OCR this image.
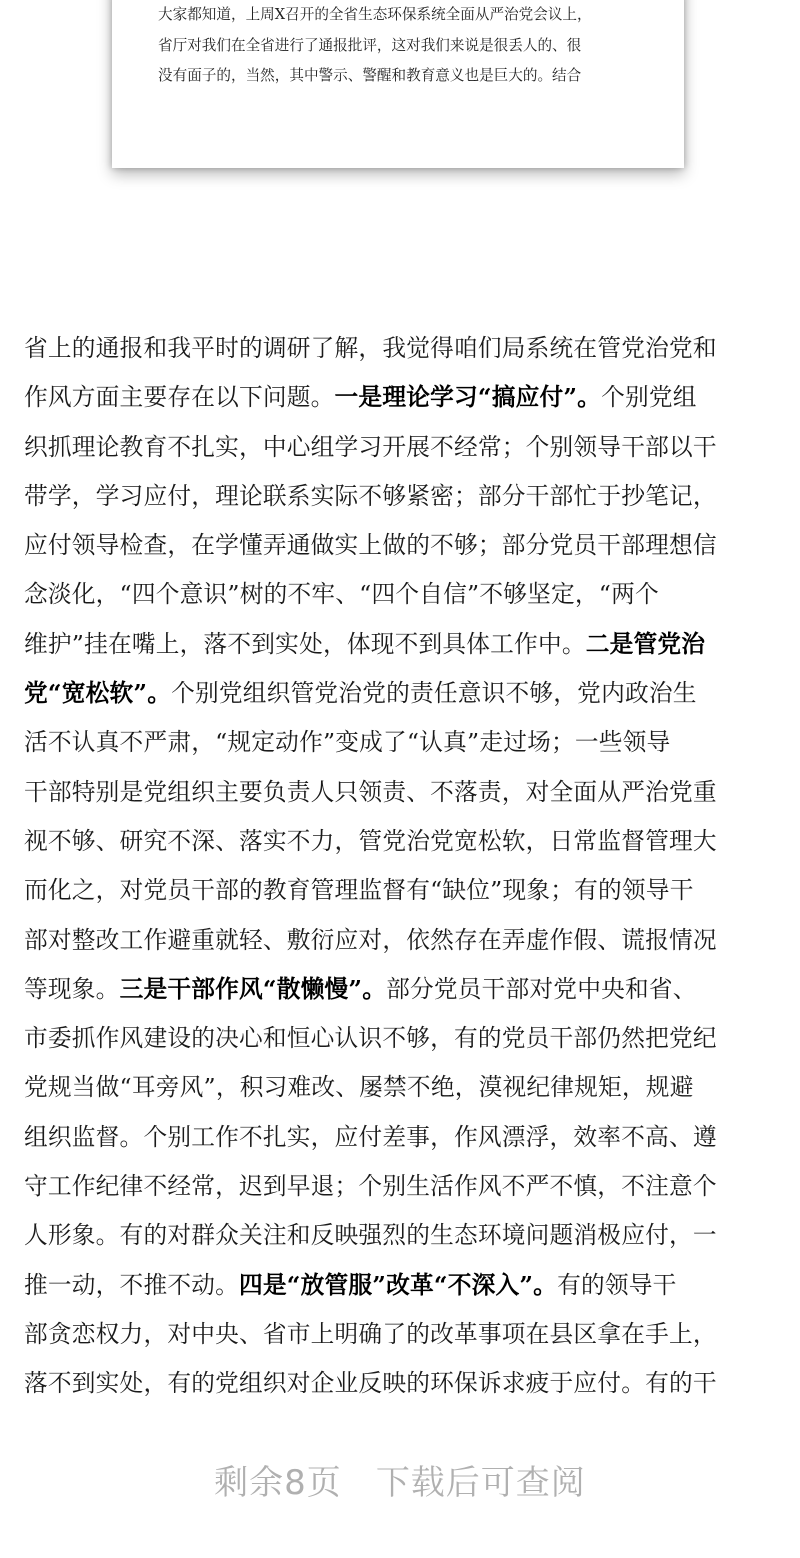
大家都知道，上周X召开的全省生态环保系统全面从严治党会议上，
省厅对我们在全省进行了通报批评，这对我们来说是很丢人的、很
没有面子的，当然，其中警示、警醒和教育意义也是巨大的。结合
省上的通报和我平时的调研了解，我觉得咱们局系统在管党治党和
作风方面主要存在以下问题。一是理论学习“搞应付”。个别党组
织抓理论教育不扎实，中心组学习开展不经常；个别领导干部以干
带学，学习应付，理论联系实际不够紧密；部分干部忙于抄笔记，
应付领导检查，在学懂弄通做实上做的不够；部分党员干部理想信
念淡化，“四个意识”树的不牢、“四个自信”不够坚定，“两个
维护”挂在嘴上，落不到实处，体现不到具体工作中。二是管党治
党“宽松软”。个别党组织管党治党的责任意识不够，党内政治生
活不认真不严肃，“规定动作”变成了“认真”走过场；一些领导
干部特别是党组织主要负责人只领责、不落责，对全面从严治党重
视不够、研究不深、落实不力，管党治党宽松软，日常监督管理大
而化之，对党员干部的教育管理监督有“缺位”现象；有的领导干
部对整改工作避重就轻、敷衍应对，依然存在弄虚作假、谎报情况
等现象。三是干部作风“散懒慢”。部分党员干部对党中央和省、
市委抓作风建设的决心和恒心认识不够，有的党员干部仍然把党纪
党规当做“耳旁风”，积习难改、屡禁不绝，漠视纪律规矩，规避
组织监督。个别工作不扎实，应付差事，作风漂浮，效率不高、遵
守工作纪律不经常，迟到早退；个别生活作风不严不慎，不注意个
人形象。有的对群众关注和反映强烈的生态环境问题消极应付，一
推一动，不推不动。四是“放管服”改革“不深入”。有的领导干
部贪恋权力，对中央、省市上明确了的改革事项在县区拿在手上，
落不到实处，有的党组织对企业反映的环保诉求疲于应付。有的干
剩余8页 下载后可查阅
